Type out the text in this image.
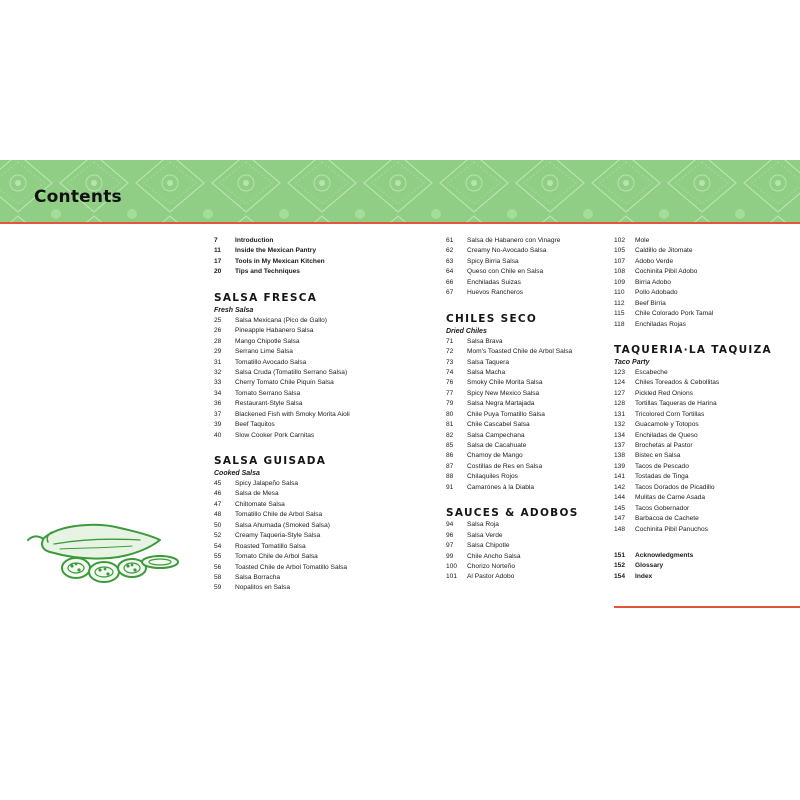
Contents
7	Introduction
11	Inside the Mexican Pantry
17	Tools in My Mexican Kitchen
20	Tips and Techniques
SALSA FRESCA
Fresh Salsa
25	Salsa Mexicana (Pico de Gallo)
26	Pineapple Habanero Salsa
28	Mango Chipotle Salsa
29	Serrano Lime Salsa
31	Tomatillo Avocado Salsa
32	Salsa Cruda (Tomatillo Serrano Salsa)
33	Cherry Tomato Chile Piquín Salsa
34	Tomato Serrano Salsa
36	Restaurant-Style Salsa
37	Blackened Fish with Smoky Morita Aioli
39	Beef Taquitos
40	Slow Cooker Pork Carnitas
SALSA GUISADA
Cooked Salsa
45	Spicy Jalapeño Salsa
46	Salsa de Mesa
47	Chiltomate Salsa
48	Tomatillo Chile de Arbol Salsa
50	Salsa Ahumada (Smoked Salsa)
52	Creamy Taqueria-Style Salsa
54	Roasted Tomatillo Salsa
55	Tomato Chile de Arbol Salsa
56	Toasted Chile de Arbol Tomatillo Salsa
58	Salsa Borracha
59	Nopalitos en Salsa
61	Salsa de Habanero con Vinagre
62	Creamy No-Avocado Salsa
63	Spicy Birria Salsa
64	Queso con Chile en Salsa
66	Enchiladas Suizas
67	Huevos Rancheros
CHILES SECO
Dried Chiles
71	Salsa Brava
72	Mom's Toasted Chile de Arbol Salsa
73	Salsa Taquera
74	Salsa Macha
76	Smoky Chile Morita Salsa
77	Spicy New Mexico Salsa
79	Salsa Negra Martajada
80	Chile Puya Tomatillo Salsa
81	Chile Cascabel Salsa
82	Salsa Campechana
85	Salsa de Cacahuate
86	Chamoy de Mango
87	Costillas de Res en Salsa
88	Chilaquiles Rojos
91	Camarónes à la Diabla
SAUCES & ADOBOS
94	Salsa Roja
96	Salsa Verde
97	Salsa Chipotle
99	Chile Ancho Salsa
100	Chorizo Norteño
101	Al Pastor Adobo
102	Mole
105	Caldillo de Jitomate
107	Adobo Verde
108	Cochinita Pibil Adobo
109	Birria Adobo
110	Pollo Adobado
112	Beef Birria
115	Chile Colorado Pork Tamal
118	Enchiladas Rojas
TAQUERIA·LA TAQUIZA
Taco Party
123	Escabeche
124	Chiles Toreados & Cebollitas
127	Pickled Red Onions
128	Tortillas Taqueras de Harina
131	Tricolored Corn Tortillas
132	Guacamole y Totopos
134	Enchiladas de Queso
137	Brochetas al Pastor
138	Bistec en Salsa
139	Tacos de Pescado
141	Tostadas de Tinga
142	Tacos Dorados de Picadillo
144	Mulitas de Carne Asada
145	Tacos Gobernador
147	Barbacoa de Cachete
148	Cochinita Pibil Panuchos
151	Acknowledgments
152	Glossary
154	Index
